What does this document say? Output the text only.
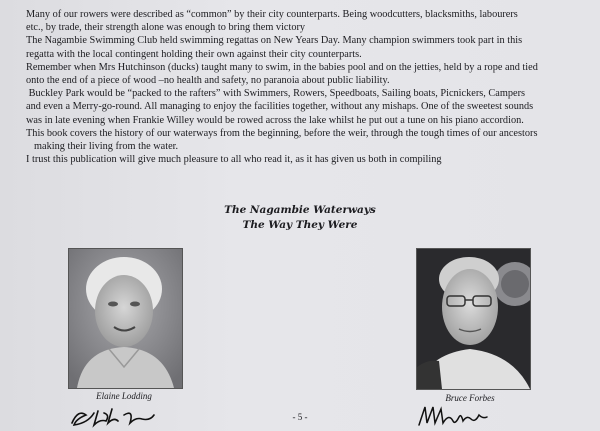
Many of our rowers were described as “common” by their city counterparts. Being woodcutters, blacksmiths, labourers
etc., by trade, their strength alone was enough to bring them victory
The Nagambie Swimming Club held swimming regattas on New Years Day. Many champion swimmers took part in this
regatta with the local contingent holding their own against their city counterparts.
Remember when Mrs Hutchinson (ducks) taught many to swim, in the babies pool and on the jetties, held by a rope and tied
onto the end of a piece of wood –no health and safety, no paranoia about public liability.
Buckley Park would be “packed to the rafters” with Swimmers, Rowers, Speedboats, Sailing boats, Picnickers, Campers
and even a Merry-go-round. All managing to enjoy the facilities together, without any mishaps. One of the sweetest sounds
was in late evening when Frankie Willey would be rowed across the lake whilst he put out a tune on his piano accordion.
This book covers the history of our waterways from the beginning, before the weir, through the tough times of our ancestors
making their living from the water.
I trust this publication will give much pleasure to all who read it, as it has given us both in compiling
The Nagambie Waterways
The Way They Were
Elaine Lodding	Bruce Forbes
- 5 -
